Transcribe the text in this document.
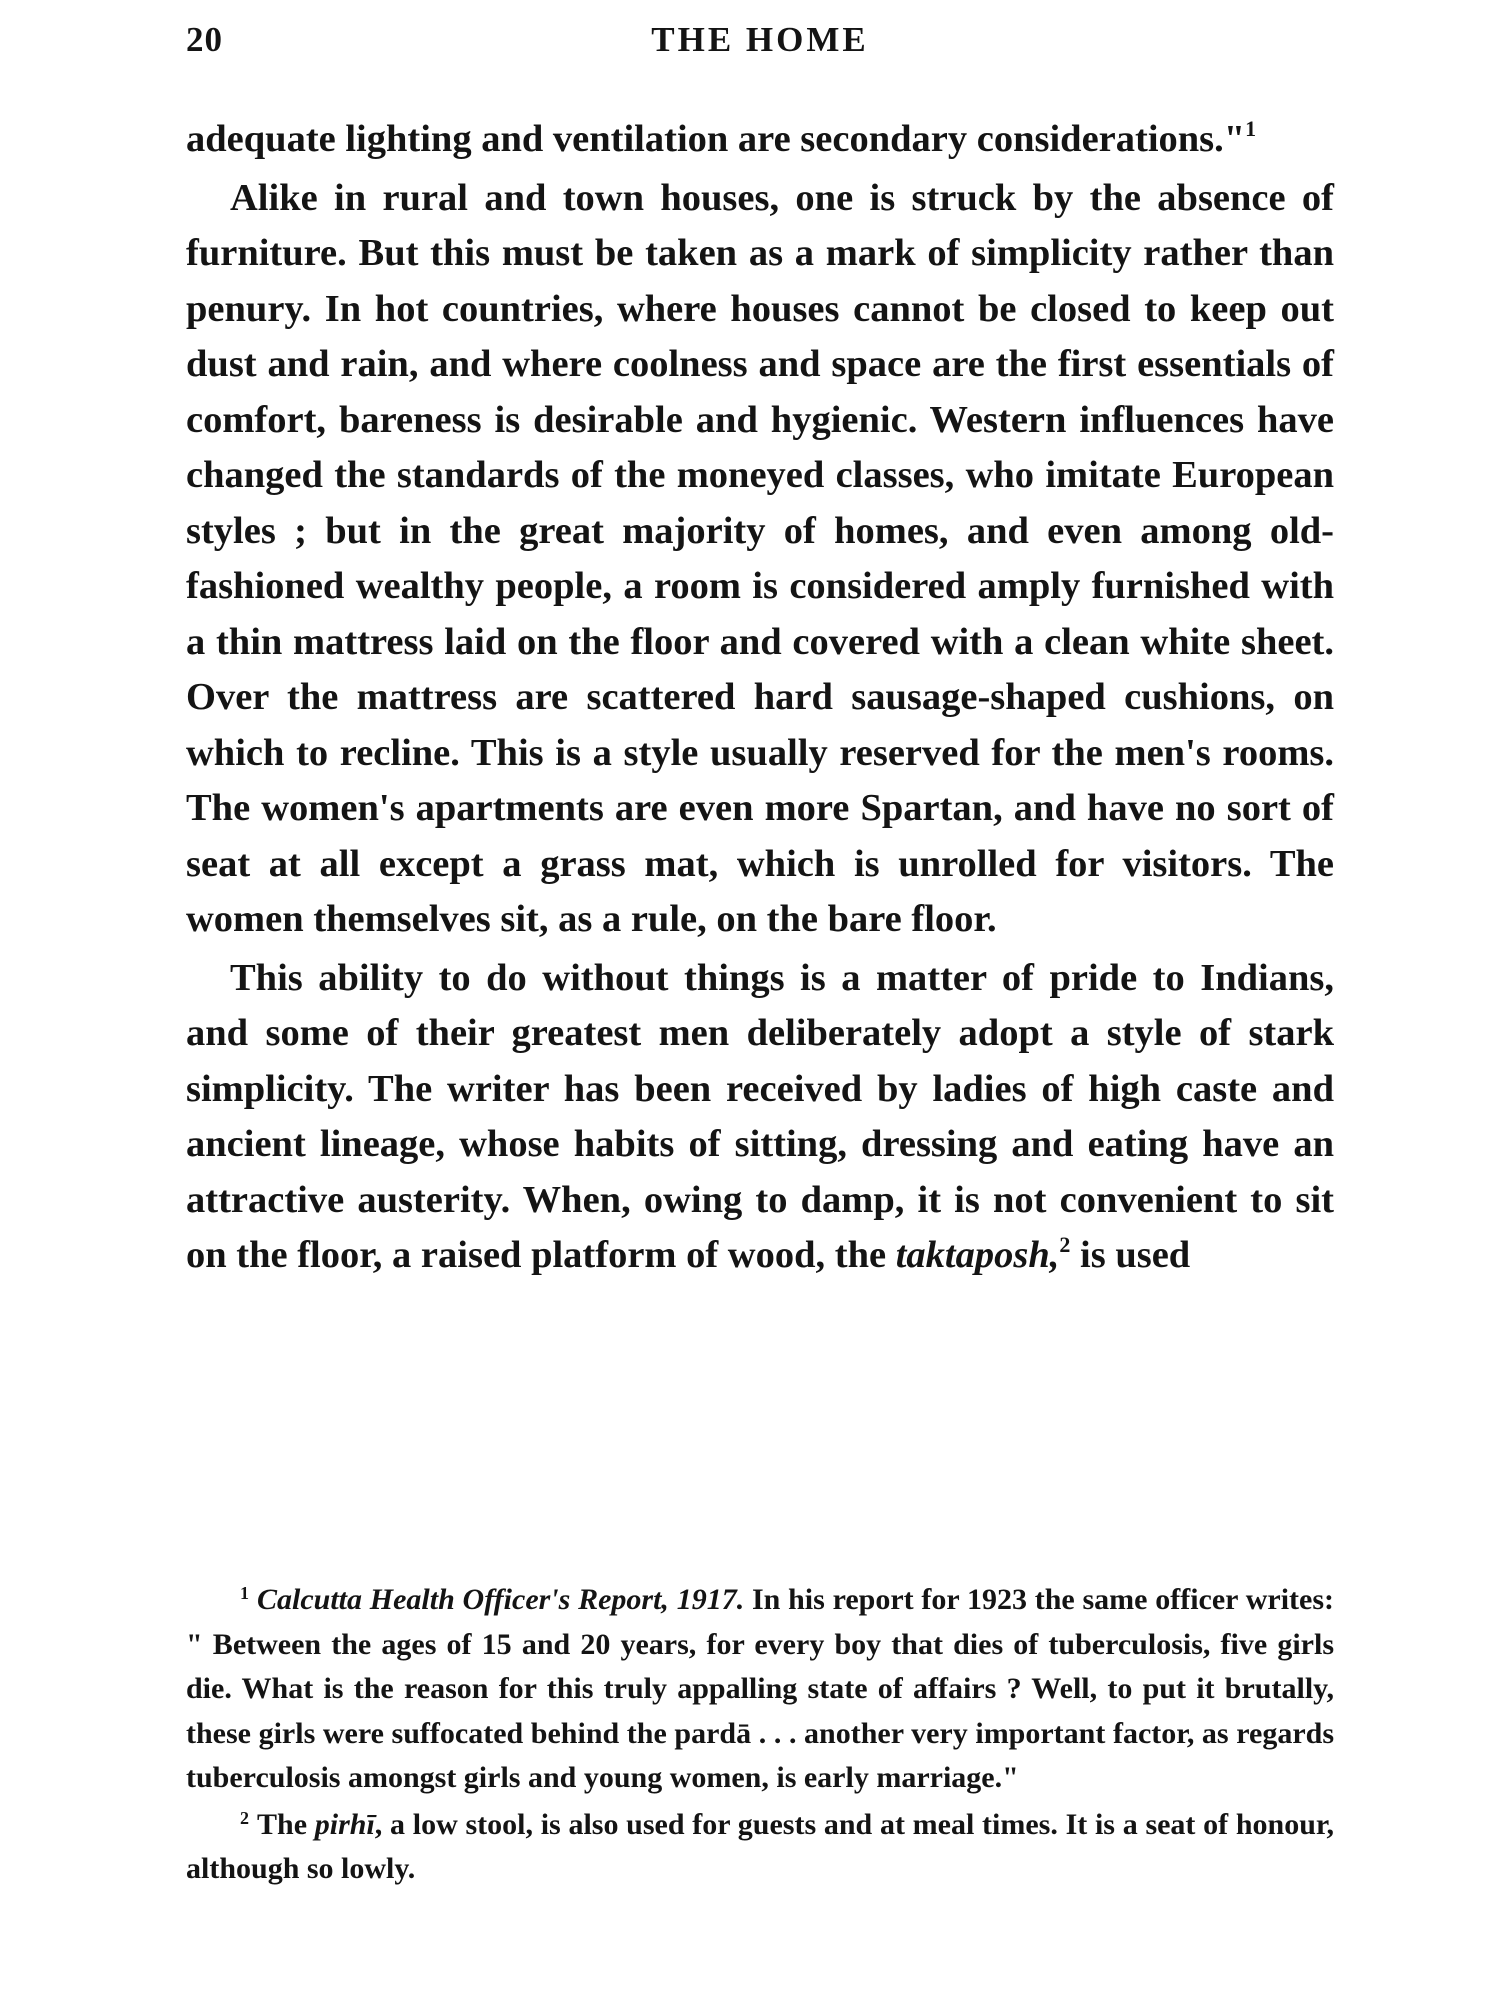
20	THE HOME

adequate lighting and ventilation are secondary considerations."$^1$

Alike in rural and town houses, one is struck by the absence of furniture. But this must be taken as a mark of simplicity rather than penury. In hot countries, where houses cannot be closed to keep out dust and rain, and where coolness and space are the first essentials of comfort, bareness is desirable and hygienic. Western influences have changed the standards of the moneyed classes, who imitate European styles ; but in the great majority of homes, and even among old-fashioned wealthy people, a room is considered amply furnished with a thin mattress laid on the floor and covered with a clean white sheet. Over the mattress are scattered hard sausage-shaped cushions, on which to recline. This is a style usually reserved for the men's rooms. The women's apartments are even more Spartan, and have no sort of seat at all except a grass mat, which is unrolled for visitors. The women themselves sit, as a rule, on the bare floor.

This ability to do without things is a matter of pride to Indians, and some of their greatest men deliberately adopt a style of stark simplicity. The writer has been received by ladies of high caste and ancient lineage, whose habits of sitting, dressing and eating have an attractive austerity. When, owing to damp, it is not convenient to sit on the floor, a raised platform of wood, the taktaposh,$^2$ is used

$^1$ Calcutta Health Officer's Report, 1917. In his report for 1923 the same officer writes: " Between the ages of 15 and 20 years, for every boy that dies of tuberculosis, five girls die. What is the reason for this truly appalling state of affairs ? Well, to put it brutally, these girls were suffocated behind the pardā . . . another very important factor, as regards tuberculosis amongst girls and young women, is early marriage."

$^2$ The pirhī, a low stool, is also used for guests and at meal times. It is a seat of honour, although so lowly.
